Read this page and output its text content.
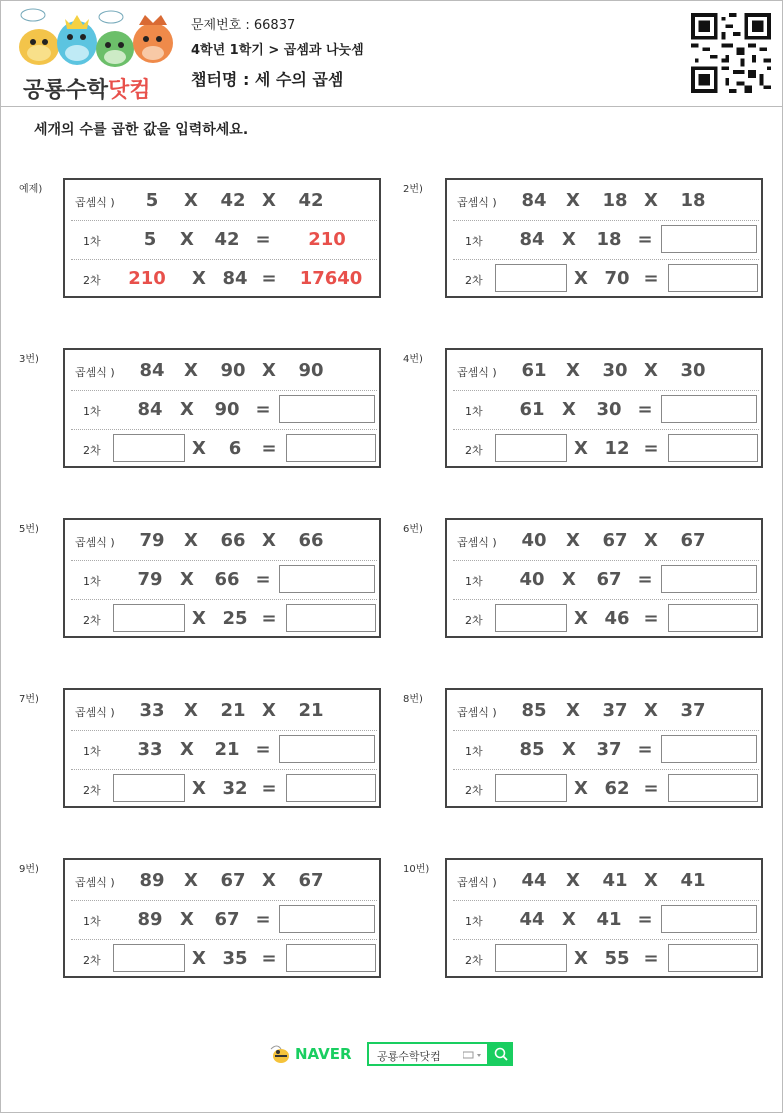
공룡수학닷컴
문제번호 : 66837
4학년 1학기 > 곱셈과 나눗셈
챕터명 : 세 수의 곱셈
세개의 수를 곱한 값을 입력하세요.
예제)
곱셈식 )	5	X	42 X	42
1차	5	X	42 =	210
2차	210	X 84 =	17640
2번)
곱셈식 ) 84 X	18 X	18
1차 84 X	18 =
2차	X 70 =
3번)
곱셈식 ) 84 X	90 X	90
1차 84 X	90 =
2차	X	6	=
4번)
곱셈식 ) 61 X	30 X	30
1차 61 X	30 =
2차	X 12 =
5번)
곱셈식 ) 79 X	66 X	66
1차 79 X	66 =
2차	X 25 =
6번)
곱셈식 ) 40 X	67 X	67
1차 40 X	67 =
2차	X 46 =
7번)
곱셈식 ) 33 X	21 X	21
1차 33 X	21 =
2차	X 32 =
8번)
곱셈식 ) 85 X	37 X	37
1차 85 X	37 =
2차	X 62 =
9번)
곱셈식 ) 89 X	67 X	67
1차 89 X	67 =
2차	X 35 =
10번)
곱셈식 ) 44 X	41 X	41
1차 44 X	41 =
2차	X 55 =
NAVER 공룡수학닷컴
